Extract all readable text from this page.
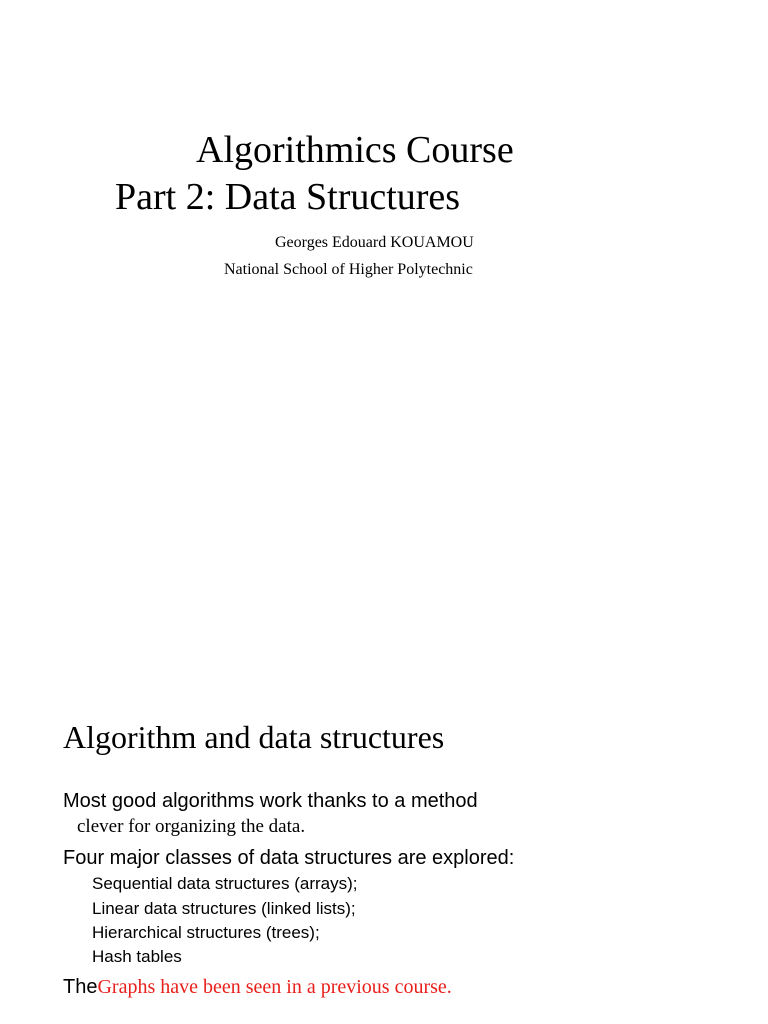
Algorithmics Course
Part 2: Data Structures
Georges Edouard KOUAMOU
National School of Higher Polytechnic
Algorithm and data structures
Most good algorithms work thanks to a method
clever for organizing the data.
Four major classes of data structures are explored:
Sequential data structures (arrays);
Linear data structures (linked lists);
Hierarchical structures (trees);
Hash tables
TheGraphs have been seen in a previous course.
